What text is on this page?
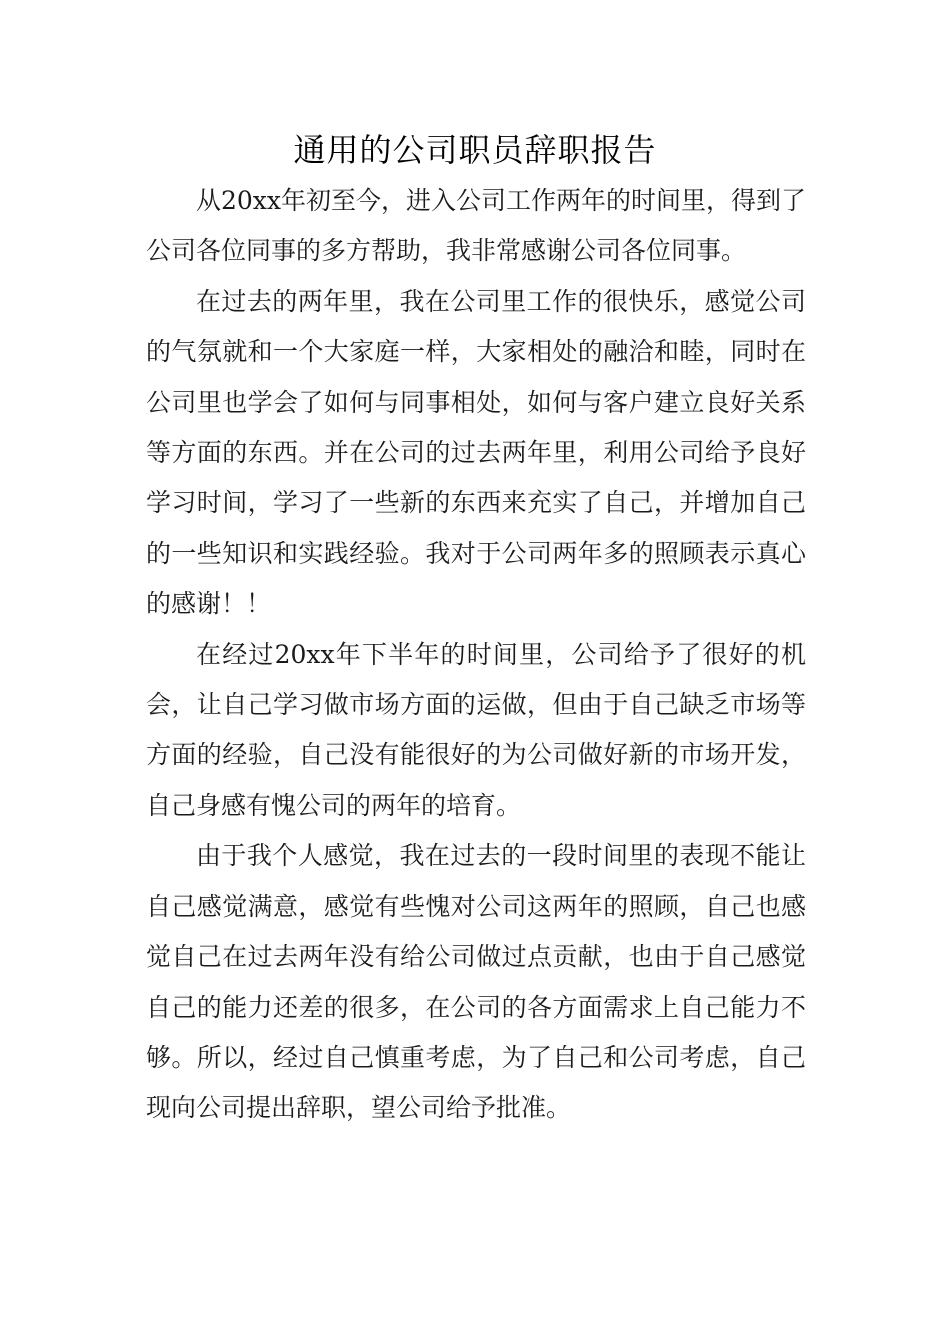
通用的公司职员辞职报告

从20xx年初至今，进入公司工作两年的时间里，得到了公司各位同事的多方帮助，我非常感谢公司各位同事。

在过去的两年里，我在公司里工作的很快乐，感觉公司的气氛就和一个大家庭一样，大家相处的融洽和睦，同时在公司里也学会了如何与同事相处，如何与客户建立良好关系等方面的东西。并在公司的过去两年里，利用公司给予良好学习时间，学习了一些新的东西来充实了自己，并增加自己的一些知识和实践经验。我对于公司两年多的照顾表示真心的感谢！！

在经过20xx年下半年的时间里，公司给予了很好的机会，让自己学习做市场方面的运做，但由于自己缺乏市场等方面的经验，自己没有能很好的为公司做好新的市场开发，自己身感有愧公司的两年的培育。

由于我个人感觉，我在过去的一段时间里的表现不能让自己感觉满意，感觉有些愧对公司这两年的照顾，自己也感觉自己在过去两年没有给公司做过点贡献，也由于自己感觉自己的能力还差的很多，在公司的各方面需求上自己能力不够。所以，经过自己慎重考虑，为了自己和公司考虑，自己现向公司提出辞职，望公司给予批准。
